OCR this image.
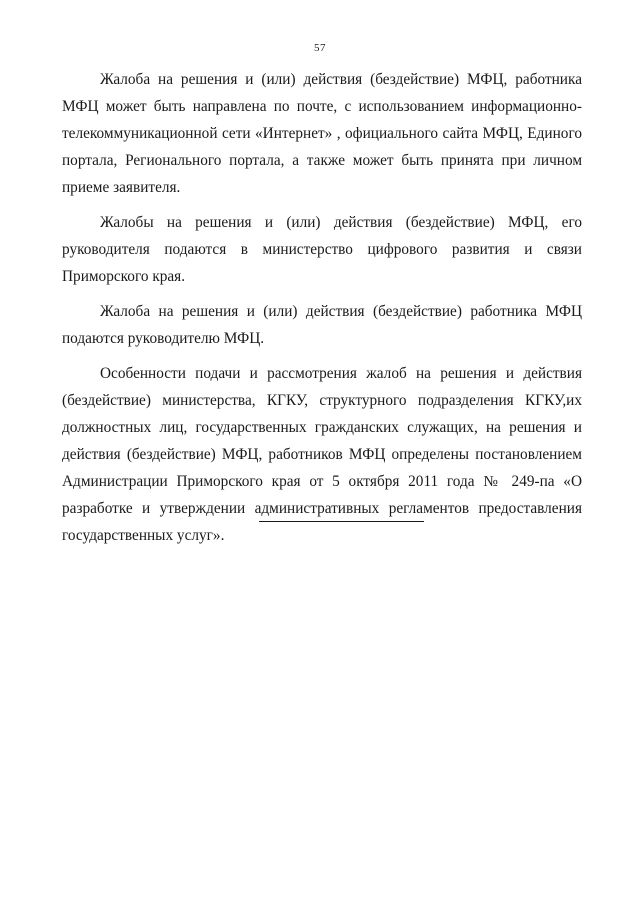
57

Жалоба на решения и (или) действия (бездействие) МФЦ, работника МФЦ может быть направлена по почте, с использованием информационно-телекоммуникационной сети «Интернет» , официального сайта МФЦ, Единого портала, Регионального портала, а также может быть принята при личном приеме заявителя.

Жалобы на решения и (или) действия (бездействие) МФЦ, его руководителя подаются в министерство цифрового развития и связи Приморского края.

Жалоба на решения и (или) действия (бездействие) работника МФЦ подаются руководителю МФЦ.

Особенности подачи и рассмотрения жалоб на решения и действия (бездействие) министерства, КГКУ, структурного подразделения КГКУ,их должностных лиц, государственных гражданских служащих, на решения и действия (бездействие) МФЦ, работников МФЦ определены постановлением Администрации Приморского края от 5 октября 2011 года № 249-па «О разработке и утверждении административных регламентов предоставления государственных услуг».
